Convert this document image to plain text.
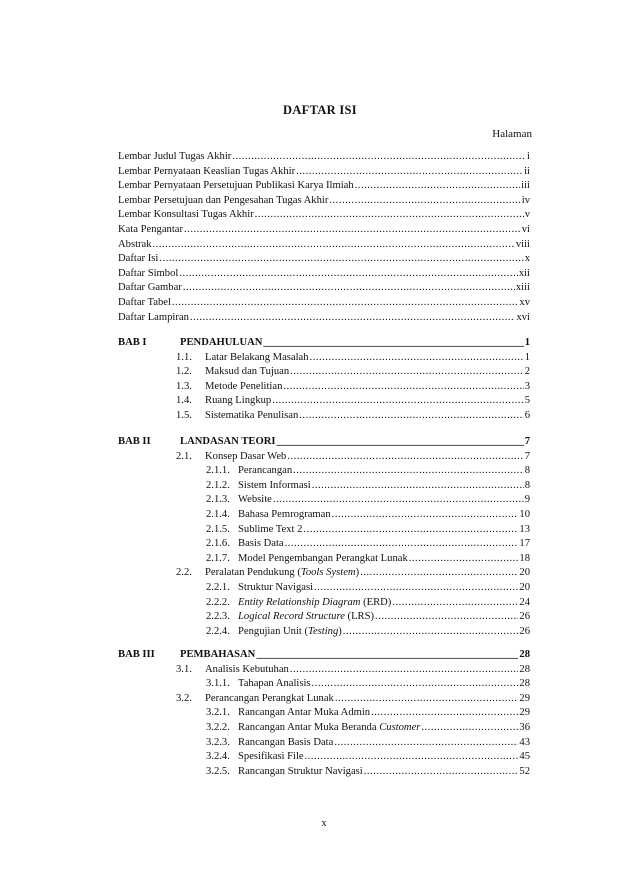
DAFTAR ISI
Halaman
Lembar Judul Tugas Akhir .....	i
Lembar Pernyataan Keaslian Tugas Akhir .....	ii
Lembar Pernyataan Persetujuan Publikasi Karya Ilmiah .....	iii
Lembar Persetujuan dan Pengesahan Tugas Akhir .....	iv
Lembar Konsultasi Tugas Akhir .....	v
Kata Pengantar .....	vi
Abstrak .....	viii
Daftar Isi .....	x
Daftar Simbol .....	xii
Daftar Gambar .....	xiii
Daftar Tabel .....	xv
Daftar Lampiran .....	xvi
BAB I	PENDAHULUAN _____	1
1.1.	Latar Belakang Masalah .....	1
1.2.	Maksud dan Tujuan .....	2
1.3.	Metode Penelitian .....	3
1.4.	Ruang Lingkup .....	5
1.5.	Sistematika Penulisan .....	6
BAB II	LANDASAN TEORI _____	7
2.1.	Konsep Dasar Web .....	7
2.1.1. Perancangan .....	8
2.1.2. Sistem Informasi .....	8
2.1.3. Website .....	9
2.1.4. Bahasa Pemrograman .....	10
2.1.5. Sublime Text 2 .....	13
2.1.6. Basis Data .....	17
2.1.7. Model Pengembangan Perangkat Lunak .....	18
2.2.	Peralatan Pendukung (Tools System) .....	20
2.2.1. Struktur Navigasi .....	20
2.2.2. Entity Relationship Diagram (ERD) .....	24
2.2.3. Logical Record Structure (LRS) .....	26
2.2.4. Pengujian Unit (Testing) .....	26
BAB III	PEMBAHASAN _____	28
3.1.	Analisis Kebutuhan .....	28
3.1.1. Tahapan Analisis .....	28
3.2.	Perancangan Perangkat Lunak .....	29
3.2.1. Rancangan Antar Muka Admin .....	29
3.2.2. Rancangan Antar Muka Beranda Customer .....	36
3.2.3. Rancangan Basis Data .....	43
3.2.4. Spesifikasi File .....	45
3.2.5. Rancangan Struktur Navigasi .....	52
x
